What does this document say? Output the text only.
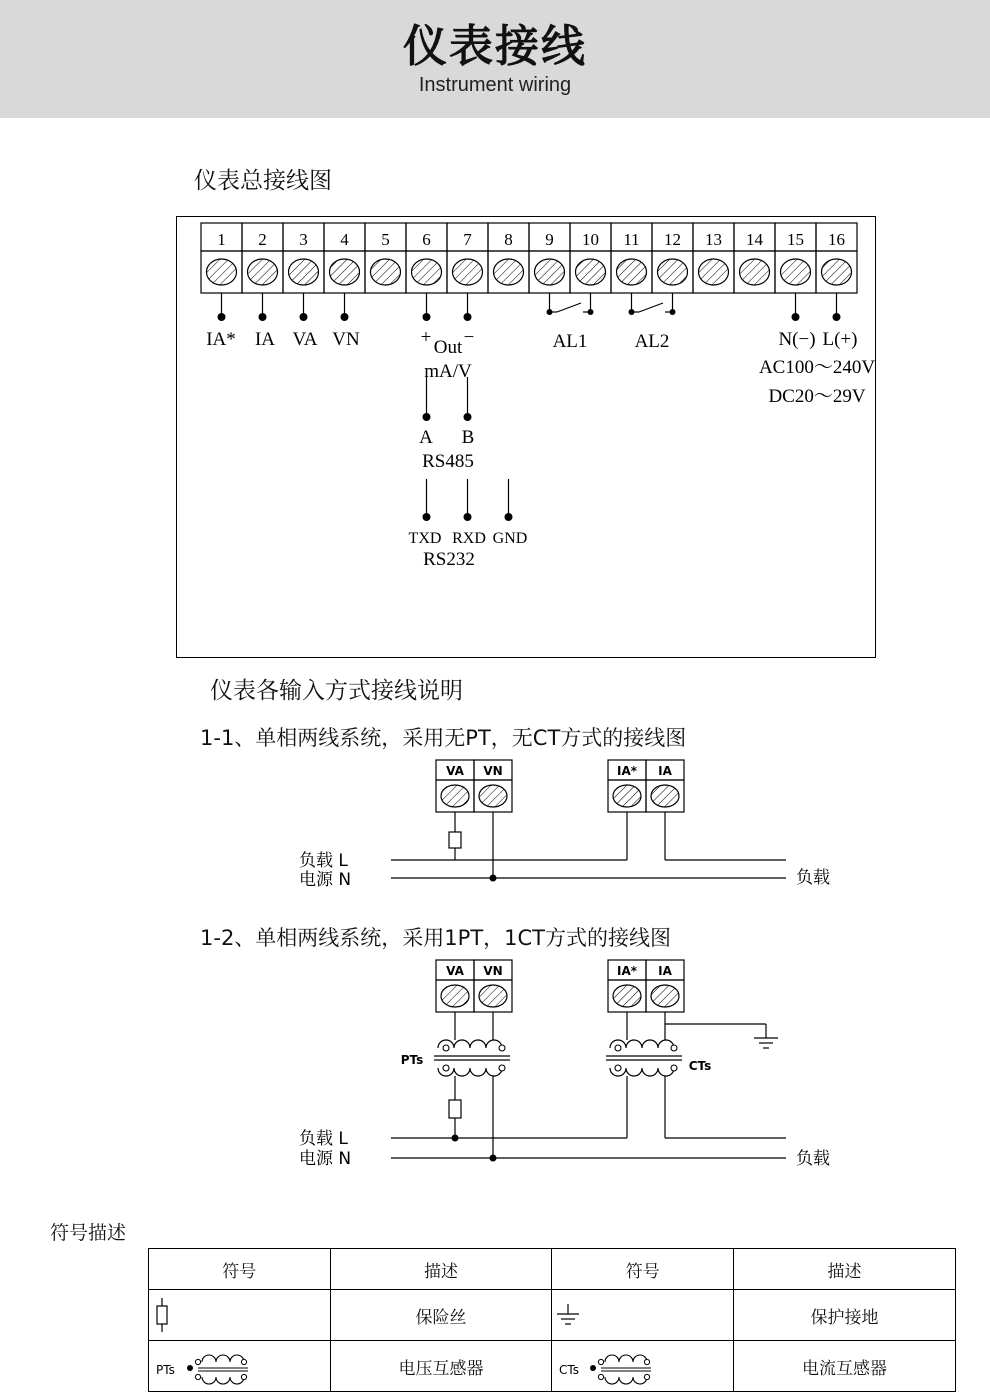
仪表接线
Instrument wiring
仪表总接线图
1 2 3 4 5 6 7 8 9 10 11 12 13 14 15 16
IA* IA VA VN	+ −
Out
mA/V
AL1 AL2	N(−) L(+)
AC100～240V
DC20～29V
A B
RS485
TXD RXD GND
RS232
仪表各输入方式接线说明
1-1、单相两线系统，采用无PT，无CT方式的接线图
VA VN	IA* IA
负载 L
电源 N	负载
1-2、单相两线系统，采用1PT，1CT方式的接线图
VA VN	IA* IA
PTs	CTs
负载 L
电源 N	负载
符号描述
符号	描述	符号	描述

	保险丝		保护接地

PTs	电压互感器	CTs	电流互感器
